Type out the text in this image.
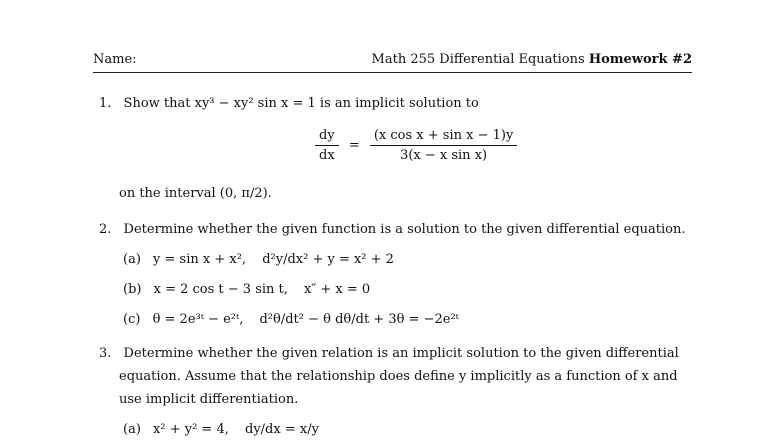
Name:	Math 255 Differential Equations Homework #2
1. Show that xy³ − xy² sin x = 1 is an implicit solution to
$\frac{dy}{dx} = \frac{\text{(x cos x + sin x − 1)y}}{\text{3(x − x sin x)}}$
on the interval (0, π/2).
2. Determine whether the given function is a solution to the given differential equation.
(a) y = sin x + x², d²y/dx² + y = x² + 2
(b) x = 2 cos t − 3 sin t, x″ + x = 0
(c) θ = 2e³ᵗ − e²ᵗ, d²θ/dt² − θ dθ/dt + 3θ = −2e²ᵗ
3. Determine whether the given relation is an implicit solution to the given differential
equation. Assume that the relationship does define y implicitly as a function of x and
use implicit differentiation.
(a) x² + y² = 4, dy/dx = x/y
